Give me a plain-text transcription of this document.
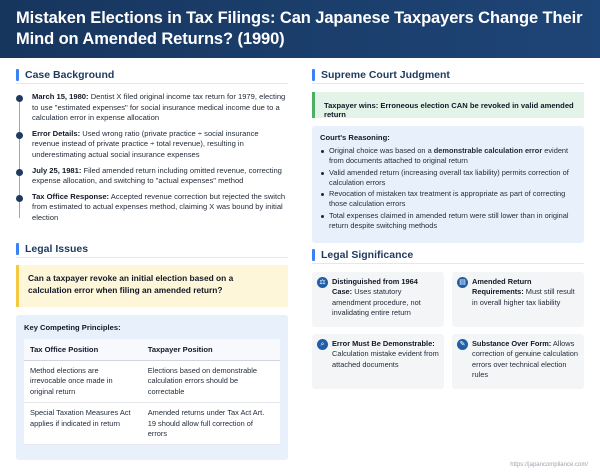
Mistaken Elections in Tax Filings: Can Japanese Taxpayers Change Their Mind on Amended Returns? (1990)
Case Background
March 15, 1980: Dentist X filed original income tax return for 1979, electing to use "estimated expenses" for social insurance medical income due to a calculation error in expense allocation
Error Details: Used wrong ratio (private practice ÷ social insurance revenue instead of private practice ÷ total revenue), resulting in underestimating actual social insurance expenses
July 25, 1981: Filed amended return including omitted revenue, correcting expense allocation, and switching to "actual expenses" method
Tax Office Response: Accepted revenue correction but rejected the switch from estimated to actual expenses method, claiming X was bound by initial election
Legal Issues
Can a taxpayer revoke an initial election based on a calculation error when filing an amended return?
Key Competing Principles:
Tax Office Position	Taxpayer Position
Method elections are irrevocable once made in original return	Elections based on demonstrable calculation errors should be correctable
Special Taxation Measures Act applies if indicated in return	Amended returns under Tax Act Art. 19 should allow full correction of errors
Supreme Court Judgment
Taxpayer wins: Erroneous election CAN be revoked in valid amended return
Court's Reasoning:
Original choice was based on a demonstrable calculation error evident from documents attached to original return
Valid amended return (increasing overall tax liability) permits correction of calculation errors
Revocation of mistaken tax treatment is appropriate as part of correcting those calculation errors
Total expenses claimed in amended return were still lower than in original return despite switching methods
Legal Significance
⚖ Distinguished from 1964 Case: Uses statutory amendment procedure, not invalidating entire return
▤ Amended Return Requirements: Must still result in overall higher tax liability
⌕	Error Must Be Demonstrable: Calculation mistake evident from attached documents
✎ Substance Over Form: Allows correction of genuine calculation errors over technical election rules
https://japancompliance.com/
